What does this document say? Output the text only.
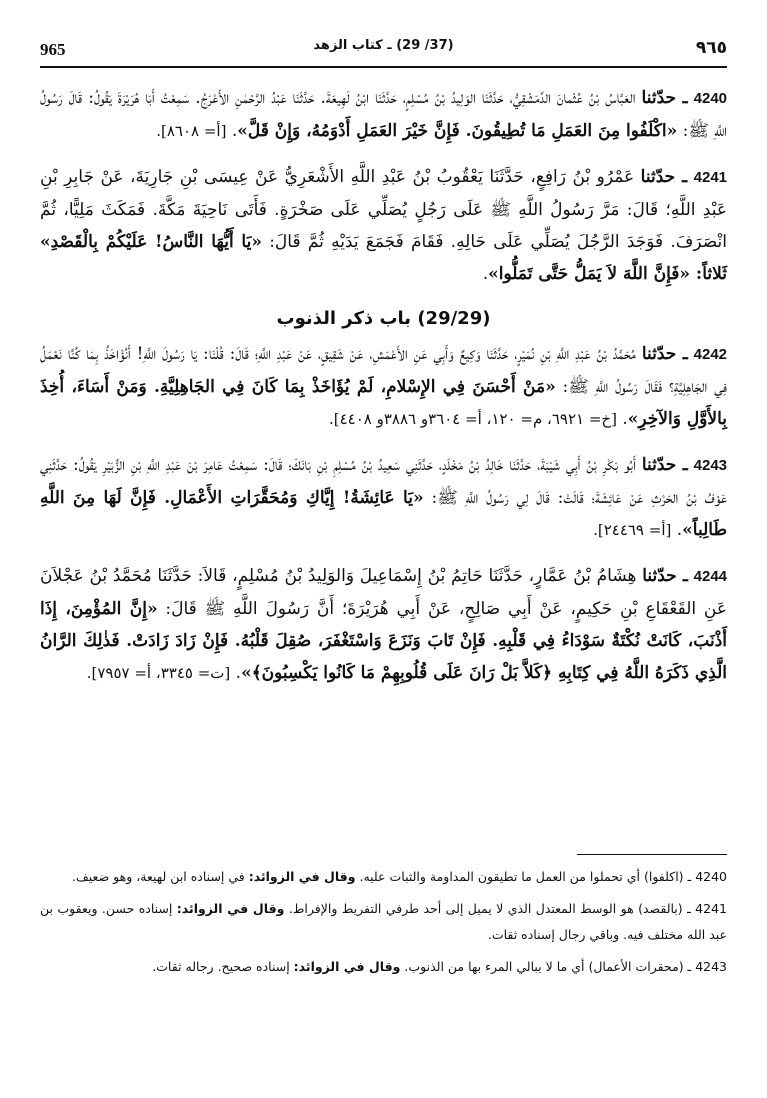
965	(37/ 29) ـ كتاب الزهد	٩٦٥

4240 ـ حدّثنا العَبَّاسُ بْنُ عُثْمانَ الدِّمَشْقِيُّ، حَدَّثَنَا الوَلِيدُ بْنُ مُسْلِمٍ، حَدَّثَنَا ابْنُ لَهِيعَةَ. حَدَّثَنَا عَبْدُ الرَّحْمٰنِ الأَعْرَجُ. سَمِعْتُ أَبَا هُرَيْرَةَ يَقُولُ: قَالَ رَسُولُ اللَّهِ ﷺ: «اكْلَفُوا مِنَ العَمَلِ مَا تُطِيقُونَ. فَإِنَّ خَيْرَ العَمَلِ أَدْوَمُهُ، وَإِنْ قَلَّ». [أ= ٨٦٠٨].

4241 ـ حدّثنا عَمْرُو بْنُ رَافِعٍ، حَدَّثَنَا يَعْقُوبُ بْنُ عَبْدِ اللَّهِ الأَشْعَرِيُّ عَنْ عِيسَى بْنِ جَارِيَةَ، عَنْ جَابِرِ بْنِ عَبْدِ اللَّهِ؛ قَالَ: مَرَّ رَسُولُ اللَّهِ ﷺ عَلَى رَجُلٍ يُصَلِّي عَلَى صَخْرَةٍ. فَأَتَى نَاحِيَةَ مَكَّةَ. فَمَكَثَ مَلِيًّا، ثُمَّ انْصَرَفَ. فَوَجَدَ الرَّجُلَ يُصَلِّي عَلَى حَالِهِ. فَقَامَ فَجَمَعَ يَدَيْهِ ثُمَّ قَالَ: «يَا أَيُّهَا النَّاسُ! عَلَيْكُمْ بِالْقَصْدِ» ثَلاثاً: «فَإِنَّ اللَّهَ لاَ يَمَلُّ حَتَّى تَمَلُّوا».

(29/29) باب ذكر الذنوب

4242 ـ حدّثنا مُحَمَّدُ بْنُ عَبْدِ اللَّهِ بْنِ نُمَيْرٍ، حَدَّثَنَا وَكِيعٌ وَأَبِي عَنِ الأَعْمَشِ، عَنْ شَقِيقٍ، عَنْ عَبْدِ اللَّهِ؛ قَالَ: قُلْنَا: يَا رَسُولَ اللَّهِ! أَنُؤَاخَذُ بِمَا كُنَّا نَعْمَلُ فِي الجَاهِلِيَّةِ؟ فَقَالَ رَسُولُ اللَّهِ ﷺ: «مَنْ أَحْسَنَ فِي الإِسْلامِ، لَمْ يُؤَاخَذْ بِمَا كَانَ فِي الجَاهِلِيَّةِ. وَمَنْ أَسَاءَ، أُخِذَ بِالأَوَّلِ وَالآخِرِ». [خ= ٦٩٢١، م= ١٢٠، أ= ٣٦٠٤و ٣٨٨٦و ٤٤٠٨].

4243 ـ حدّثنا أَبُو بَكْرِ بْنُ أَبِي شَيْبَةَ، حَدَّثَنَا خَالِدُ بْنُ مَخْلَدٍ، حَدَّثَنِي سَعِيدُ بْنُ مُسْلِمِ بْنِ بَانَكَ؛ قَالَ: سَمِعْتُ عَامِرَ بْنَ عَبْدِ اللَّهِ بْنِ الزُّبَيْرِ يَقُولُ: حَدَّثَنِي عَوْفُ بْنُ الحَرْثِ عَنْ عَائِشَةَ؛ قَالَتْ: قَالَ لِي رَسُولُ اللَّهِ ﷺ: «يَا عَائِشَةُ! إِيَّاكِ وَمُحَقَّرَاتِ الأَعْمَالِ. فَإِنَّ لَهَا مِنَ اللَّهِ طَالِباً». [أ= ٢٤٤٦٩].

4244 ـ حدّثنا هِشَامُ بْنُ عَمَّارٍ، حَدَّثَنَا حَاتِمُ بْنُ إِسْمَاعِيلَ وَالوَلِيدُ بْنُ مُسْلِمٍ، قَالاَ: حَدَّثَنَا مُحَمَّدُ بْنُ عَجْلاَنَ عَنِ القَعْقَاعِ بْنِ حَكِيمٍ، عَنْ أَبِي صَالِحٍ، عَنْ أَبِي هُرَيْرَةَ؛ أَنَّ رَسُولَ اللَّهِ ﷺ قَالَ: «إِنَّ المُؤْمِنَ، إِذَا أَذْنَبَ، كَانَتْ نُكْتَةٌ سَوْدَاءُ فِي قَلْبِهِ. فَإِنْ تَابَ وَنَزَعَ وَاسْتَغْفَرَ، صُقِلَ قَلْبُهُ. فَإِنْ زَادَ زَادَتْ. فَذٰلِكَ الرَّانُ الَّذِي ذَكَرَهُ اللَّهُ فِي كِتَابِهِ ﴿كَلاَّ بَلْ رَانَ عَلَى قُلُوبِهِمْ مَا كَانُوا يَكْسِبُونَ﴾». [ت= ٣٣٤٥، أ= ٧٩٥٧].

4240 ـ (اكلفوا) أي تحملوا من العمل ما تطيقون المداومة والثبات عليه. وقال في الزوائد: في إسناده ابن لهيعة، وهو ضعيف.

4241 ـ (بالقصد) هو الوسط المعتدل الذي لا يميل إلى أحد طرفي التفريط والإفراط. وقال في الزوائد: إسناده حسن. ويعقوب بن عبد الله مختلف فيه. وباقي رجال إسناده ثقات.

4243 ـ (محقرات الأعمال) أي ما لا يبالي المرء بها من الذنوب. وقال في الزوائد: إسناده صحيح. رجاله ثقات.
